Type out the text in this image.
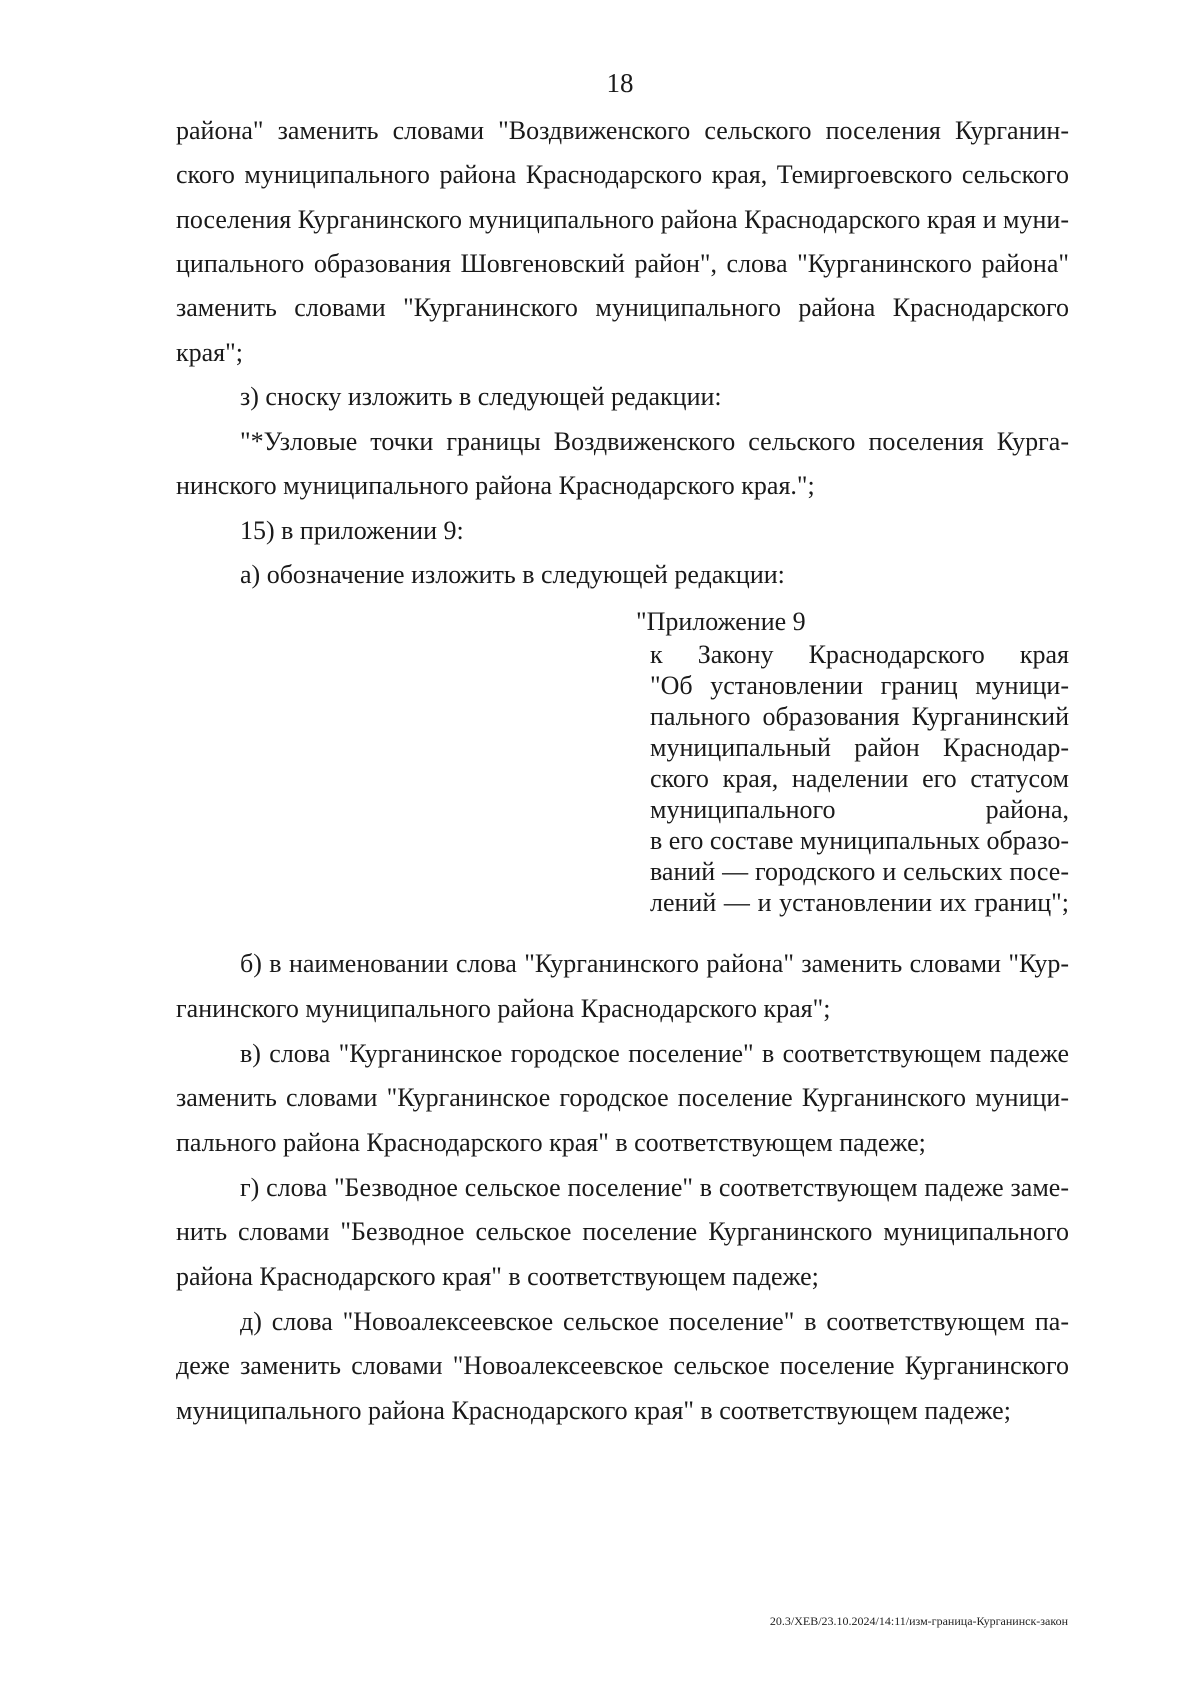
18
района" заменить словами "Воздвиженского сельского поселения Курганин-
ского муниципального района Краснодарского края, Темиргоевского сельского
поселения Курганинского муниципального района Краснодарского края и муни-
ципального образования Шовгеновский район", слова "Курганинского района"
заменить словами "Курганинского муниципального района Краснодарского
края";
з) сноску изложить в следующей редакции:
"*Узловые точки границы Воздвиженского сельского поселения Курга-
нинского муниципального района Краснодарского края.";
15) в приложении 9:
а) обозначение изложить в следующей редакции:
"Приложение 9
к Закону Краснодарского края
"Об установлении границ муници-
пального образования Курганинский
муниципальный район Краснодар-
ского края, наделении его статусом
муниципального района,
в его составе муниципальных образо-
ваний — городского и сельских посе-
лений — и установлении их границ";
б) в наименовании слова "Курганинского района" заменить словами "Кур-
ганинского муниципального района Краснодарского края";
в) слова "Курганинское городское поселение" в соответствующем падеже
заменить словами "Курганинское городское поселение Курганинского муници-
пального района Краснодарского края" в соответствующем падеже;
г) слова "Безводное сельское поселение" в соответствующем падеже заме-
нить словами "Безводное сельское поселение Курганинского муниципального
района Краснодарского края" в соответствующем падеже;
д) слова "Новоалексеевское сельское поселение" в соответствующем па-
деже заменить словами "Новоалексеевское сельское поселение Курганинского
муниципального района Краснодарского края" в соответствующем падеже;
20.3/ХЕВ/23.10.2024/14:11/изм-граница-Курганинск-закон
